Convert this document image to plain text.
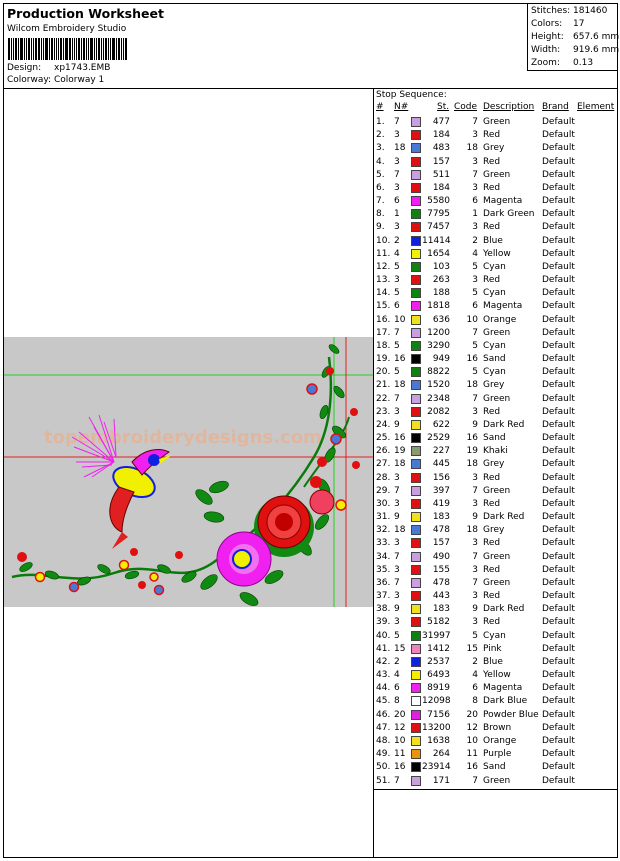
Production Worksheet
Wilcom Embroidery Studio
Design: xp1743.EMB
Colorway: Colorway 1
Stitches: 181460
Colors: 17
Height: 657.6 mm
Width: 919.6 mm
Zoom: 0.13
topembroiderydesigns.com
Stop Sequence:
# N#	St. Code Description Brand Element
1. 7	477	7 Green	Default
2. 3	184	3 Red	Default
3. 18	483	18 Grey	Default
4. 3	157	3 Red	Default
5. 7	511	7 Green	Default
6. 3	184	3 Red	Default
7. 6	5580	6 Magenta Default
8. 1	7795	1 Dark Green Default
9. 3	7457	3 Red	Default
10. 2 11414	2 Blue	Default
11. 4	1654	4 Yellow	Default
12. 5	103	5 Cyan	Default
13. 3	263	3 Red	Default
14. 5	188	5 Cyan	Default
15. 6	1818	6 Magenta Default
16. 10	636	10 Orange	Default
17. 7	1200	7 Green	Default
18. 5	3290	5 Cyan	Default
19. 16	949	16 Sand	Default
20. 5	8822	5 Cyan	Default
21. 18	1520	18 Grey	Default
22. 7	2348	7 Green	Default
23. 3	2082	3 Red	Default
24. 9	622	9 Dark Red Default
25. 16	2529	16 Sand	Default
26. 19	227	19 Khaki	Default
27. 18	445	18 Grey	Default
28. 3	156	3 Red	Default
29. 7	397	7 Green	Default
30. 3	419	3 Red	Default
31. 9	183	9 Dark Red Default
32. 18	478	18 Grey	Default
33. 3	157	3 Red	Default
34. 7	490	7 Green	Default
35. 3	155	3 Red	Default
36. 7	478	7 Green	Default
37. 3	443	3 Red	Default
38. 9	183	9 Dark Red Default
39. 3	5182	3 Red	Default
40. 5 31997	5 Cyan	Default
41. 15	1412	15 Pink	Default
42. 2	2537	2 Blue	Default
43. 4	6493	4 Yellow	Default
44. 6	8919	6 Magenta Default
45. 8 12098	8 Dark Blue Default
46. 20	7156	20 Powder Blue Default
47. 12 13200	12 Brown	Default
48. 10	1638	10 Orange	Default
49. 11	264	11 Purple	Default
50. 16 23914	16 Sand	Default
51. 7	171	7 Green	Default
